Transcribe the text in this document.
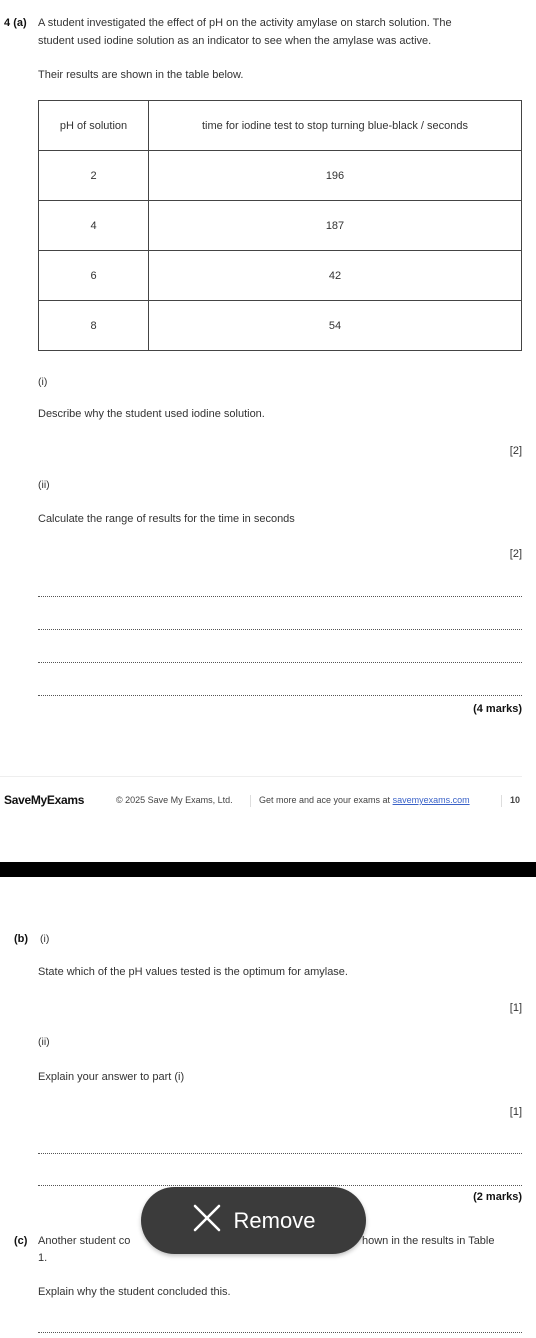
4 (a) A student investigated the effect of pH on the activity amylase on starch solution. The
student used iodine solution as an indicator to see when the amylase was active.
Their results are shown in the table below.
pH of solution	time for iodine test to stop turning blue-black / seconds
2	196
4	187
6	42
8	54
(i)
Describe why the student used iodine solution.
[2]
(ii)
Calculate the range of results for the time in seconds
[2]
(4 marks)
SaveMyExams	© 2025 Save My Exams, Ltd.	Get more and ace your exams at savemyexams.com	10
(b) (i)
State which of the pH values tested is the optimum for amylase.
[1]
(ii)
Explain your answer to part (i)
[1]
(2 marks)
(c) Another student co	hown in the results in Table
1.
Explain why the student concluded this.
Remove
